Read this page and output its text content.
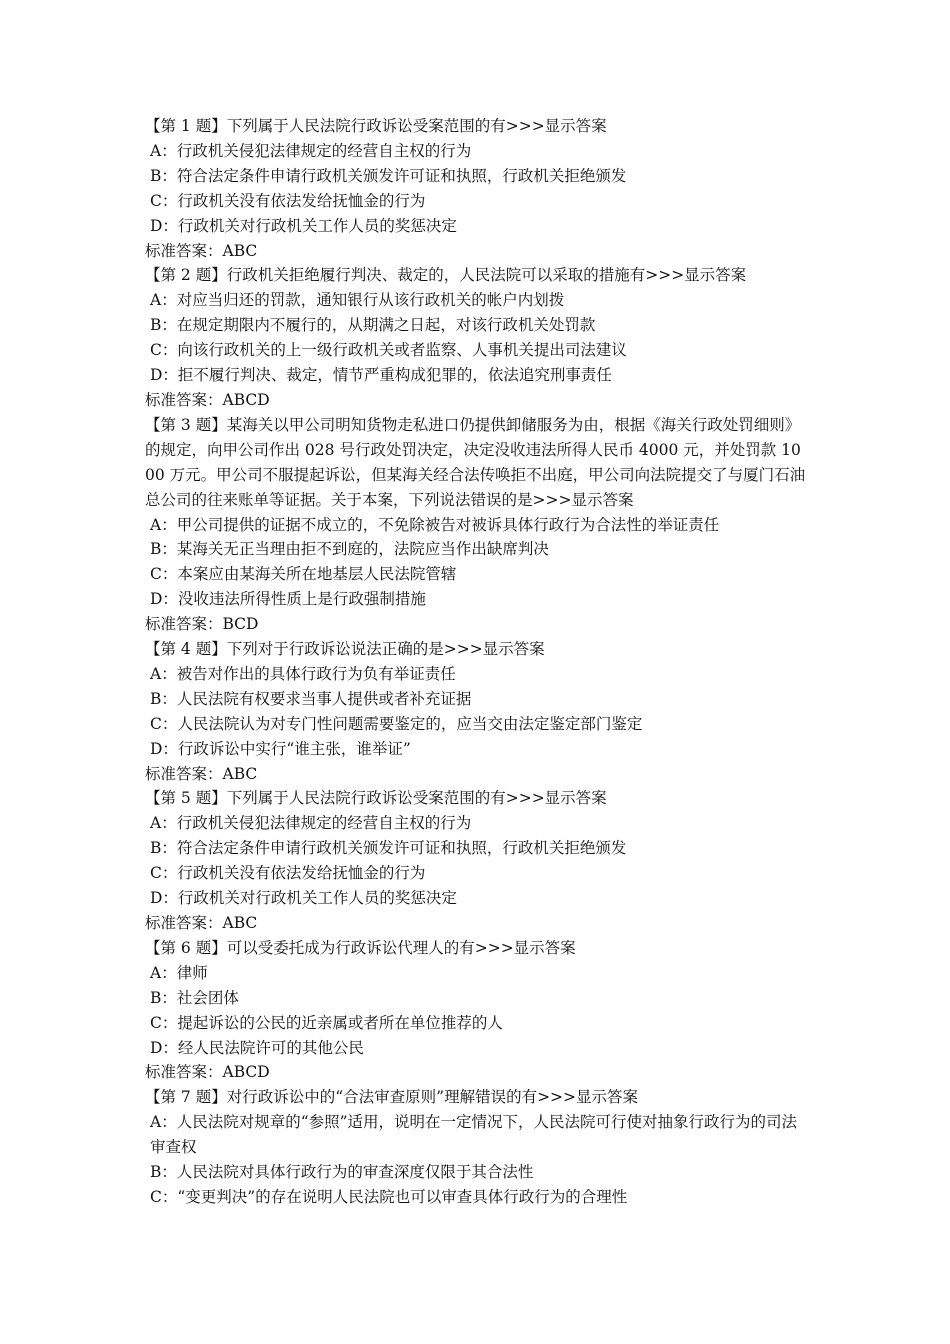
【第 1 题】下列属于人民法院行政诉讼受案范围的有>>>显示答案

A：行政机关侵犯法律规定的经营自主权的行为

B：符合法定条件申请行政机关颁发许可证和执照，行政机关拒绝颁发

C：行政机关没有依法发给抚恤金的行为

D：行政机关对行政机关工作人员的奖惩决定

标准答案：ABC

【第 2 题】行政机关拒绝履行判决、裁定的，人民法院可以采取的措施有>>>显示答案

A：对应当归还的罚款，通知银行从该行政机关的帐户内划拨

B：在规定期限内不履行的，从期满之日起，对该行政机关处罚款

C：向该行政机关的上一级行政机关或者监察、人事机关提出司法建议

D：拒不履行判决、裁定，情节严重构成犯罪的，依法追究刑事责任

标准答案：ABCD

【第 3 题】某海关以甲公司明知货物走私进口仍提供卸储服务为由，根据《海关行政处罚细则》的规定，向甲公司作出 028 号行政处罚决定，决定没收违法所得人民币 4000 元，并处罚款 1000 万元。甲公司不服提起诉讼，但某海关经合法传唤拒不出庭，甲公司向法院提交了与厦门石油总公司的往来账单等证据。关于本案，下列说法错误的是>>>显示答案

A：甲公司提供的证据不成立的，不免除被告对被诉具体行政行为合法性的举证责任

B：某海关无正当理由拒不到庭的，法院应当作出缺席判决

C：本案应由某海关所在地基层人民法院管辖

D：没收违法所得性质上是行政强制措施

标准答案：BCD

【第 4 题】下列对于行政诉讼说法正确的是>>>显示答案

A：被告对作出的具体行政行为负有举证责任

B：人民法院有权要求当事人提供或者补充证据

C：人民法院认为对专门性问题需要鉴定的，应当交由法定鉴定部门鉴定

D：行政诉讼中实行“谁主张，谁举证”

标准答案：ABC

【第 5 题】下列属于人民法院行政诉讼受案范围的有>>>显示答案

A：行政机关侵犯法律规定的经营自主权的行为

B：符合法定条件申请行政机关颁发许可证和执照，行政机关拒绝颁发

C：行政机关没有依法发给抚恤金的行为

D：行政机关对行政机关工作人员的奖惩决定

标准答案：ABC

【第 6 题】可以受委托成为行政诉讼代理人的有>>>显示答案

A：律师

B：社会团体

C：提起诉讼的公民的近亲属或者所在单位推荐的人

D：经人民法院许可的其他公民

标准答案：ABCD

【第 7 题】对行政诉讼中的“合法审查原则”理解错误的有>>>显示答案

A：人民法院对规章的“参照”适用，说明在一定情况下，人民法院可行使对抽象行政行为的司法审查权

B：人民法院对具体行政行为的审查深度仅限于其合法性

C：“变更判决”的存在说明人民法院也可以审查具体行政行为的合理性
